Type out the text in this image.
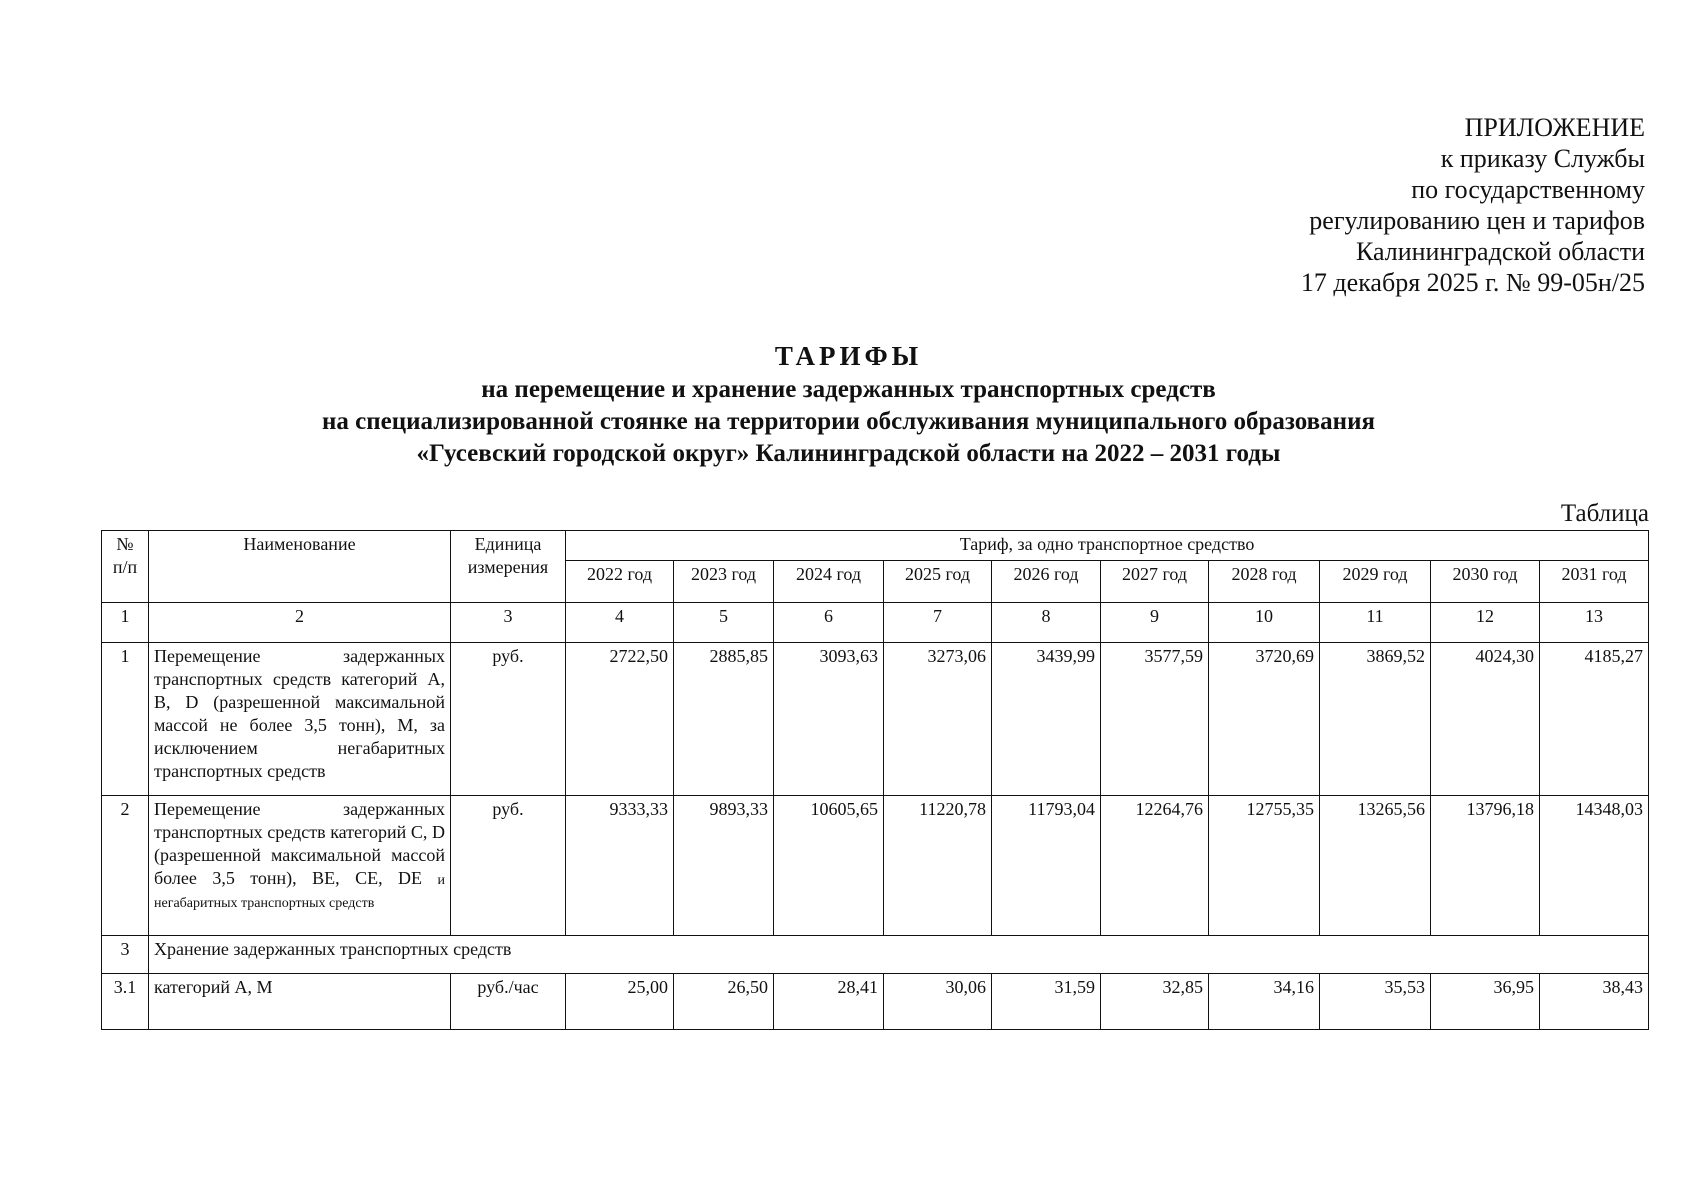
ПРИЛОЖЕНИЕ
к приказу Службы
по государственному
регулированию цен и тарифов
Калининградской области
17 декабря 2025 г. № 99-05н/25
ТАРИФЫ
на перемещение и хранение задержанных транспортных средств
на специализированной стоянке на территории обслуживания муниципального образования
«Гусевский городской округ» Калининградской области на 2022 – 2031 годы
Таблица
№ п/п	Наименование	Единица измерения	Тариф, за одно транспортное средство									
			2022 год	2023 год	2024 год	2025 год	2026 год	2027 год	2028 год	2029 год	2030 год	2031 год
1	2	3	4	5	6	7	8	9	10	11	12	13
1	Перемещение задержанных транспортных средств категорий A, B, D (разрешенной максимальной массой не более 3,5 тонн), M, за исключением негабаритных транспортных средств	руб.	2722,50	2885,85	3093,63	3273,06	3439,99	3577,59	3720,69	3869,52	4024,30	4185,27
2	Перемещение задержанных транспортных средств категорий C, D (разрешенной максимальной массой более 3,5 тонн), BE, CE, DE и негабаритных транспортных средств	руб.	9333,33	9893,33	10605,65	11220,78	11793,04	12264,76	12755,35	13265,56	13796,18	14348,03
3	Хранение задержанных транспортных средств											
3.1	категорий A, M	руб./час	25,00	26,50	28,41	30,06	31,59	32,85	34,16	35,53	36,95	38,43
